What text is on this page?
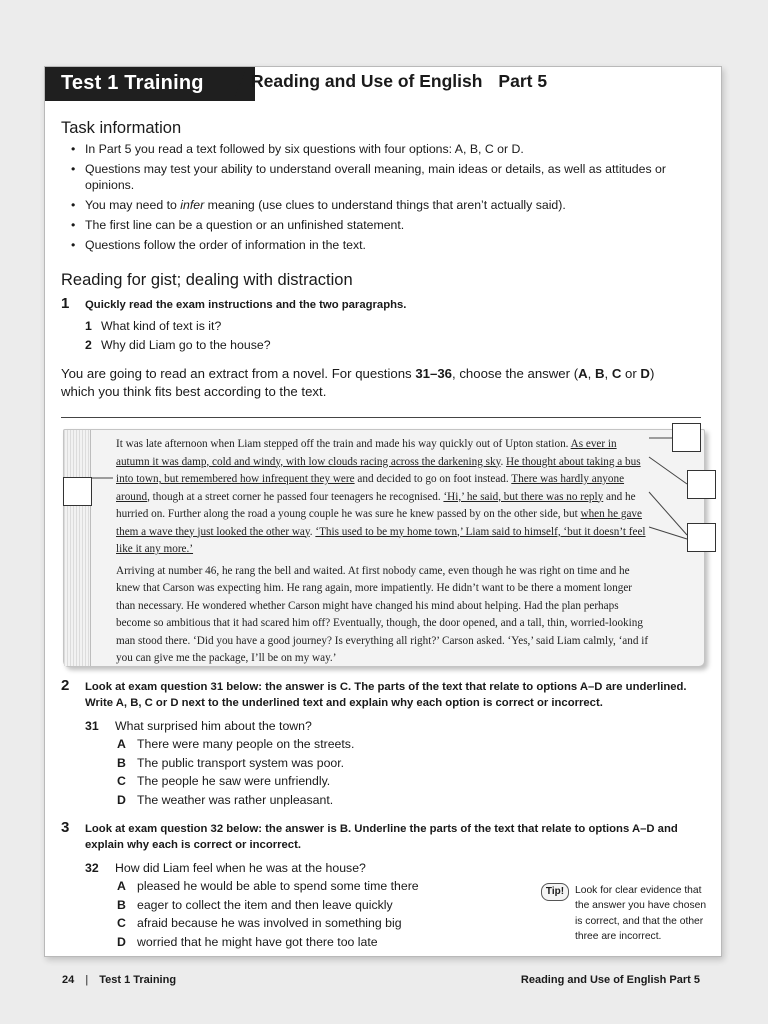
Test 1 Training	Reading and Use of English Part 5
Task information
• In Part 5 you read a text followed by six questions with four options: A, B, C or D.
• Questions may test your ability to understand overall meaning, main ideas or details, as well as attitudes or opinions.
• You may need to infer meaning (use clues to understand things that aren’t actually said).
• The first line can be a question or an unfinished statement.
• Questions follow the order of information in the text.
Reading for gist; dealing with distraction
1 Quickly read the exam instructions and the two paragraphs.
1 What kind of text is it?
2 Why did Liam go to the house?
You are going to read an extract from a novel. For questions 31–36, choose the answer (A, B, C or D) which you think fits best according to the text.

It was late afternoon when Liam stepped off the train and made his way quickly out of Upton station. As ever in autumn it was damp, cold and windy, with low clouds racing across the darkening sky. He thought about taking a bus into town, but remembered how infrequent they were and decided to go on foot instead. There was hardly anyone around, though at a street corner he passed four teenagers he recognised. ‘Hi,’ he said, but there was no reply and he hurried on. Further along the road a young couple he was sure he knew passed by on the other side, but when he gave them a wave they just looked the other way. ‘This used to be my home town,’ Liam said to himself, ‘but it doesn’t feel like it any more.’

Arriving at number 46, he rang the bell and waited. At first nobody came, even though he was right on time and he knew that Carson was expecting him. He rang again, more impatiently. He didn’t want to be there a moment longer than necessary. He wondered whether Carson might have changed his mind about helping. Had the plan perhaps become so ambitious that it had scared him off? Eventually, though, the door opened, and a tall, thin, worried-looking man stood there. ‘Did you have a good journey? Is everything all right?’ Carson asked. ‘Yes,’ said Liam calmly, ‘and if you can give me the package, I’ll be on my way.’

2 Look at exam question 31 below: the answer is C. The parts of the text that relate to options A–D are underlined. Write A, B, C or D next to the underlined text and explain why each option is correct or incorrect.
31 What surprised him about the town?
A There were many people on the streets.
B The public transport system was poor.
C The people he saw were unfriendly.
D The weather was rather unpleasant.
3 Look at exam question 32 below: the answer is B. Underline the parts of the text that relate to options A–D and explain why each is correct or incorrect.
32 How did Liam feel when he was at the house?
A pleased he would be able to spend some time there
B eager to collect the item and then leave quickly
C afraid because he was involved in something big
D worried that he might have got there too late
Tip!	Look for clear evidence that the answer you have chosen is correct, and that the other three are incorrect.
24 | Test 1 Training	Reading and Use of English Part 5
